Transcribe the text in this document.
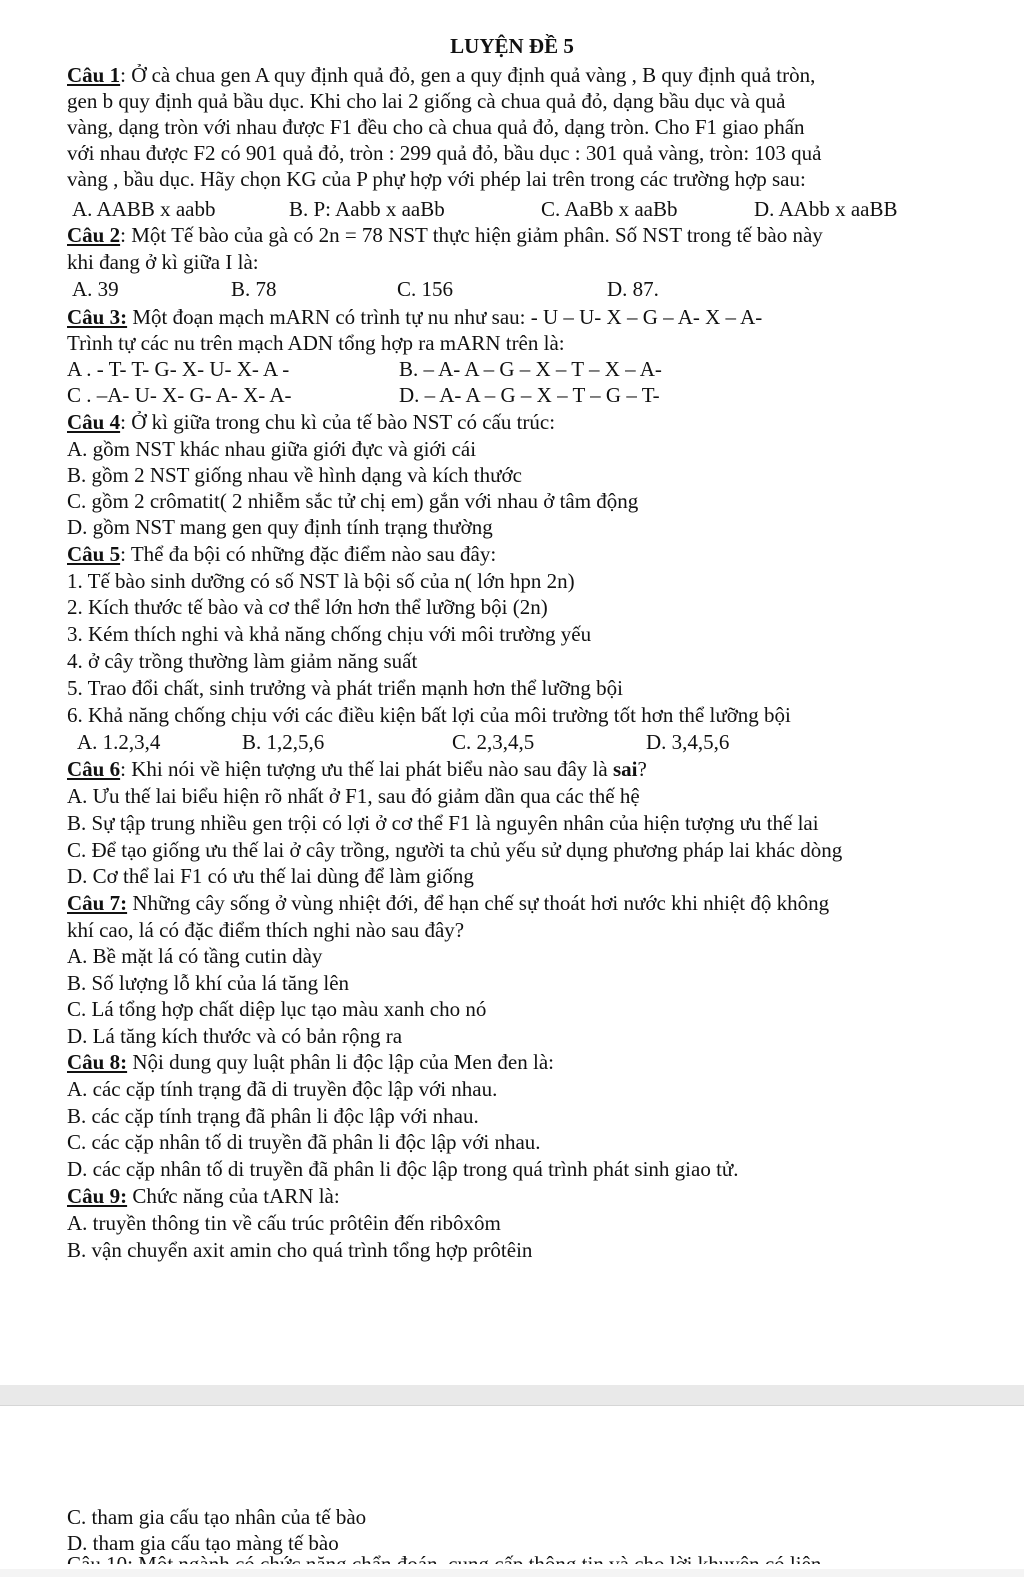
LUYỆN ĐỀ 5
Câu 1: Ở cà chua gen A quy định quả đỏ, gen a quy định quả vàng , B quy định quả tròn,
gen b quy định quả bầu dục. Khi cho lai 2 giống cà chua quả đỏ, dạng bầu dục và quả
vàng, dạng tròn với nhau được F1 đều cho cà chua quả đỏ, dạng tròn. Cho F1 giao phấn
với nhau được F2 có 901 quả đỏ, tròn : 299 quả đỏ, bầu dục : 301 quả vàng, tròn: 103 quả
vàng , bầu dục. Hãy chọn KG của P phự hợp với phép lai trên trong các trường hợp sau:
A. AABB x aabb	B. P: Aabb x aaBb	C. AaBb x aaBb	D. AAbb x aaBB
Câu 2: Một Tế bào của gà có 2n = 78 NST thực hiện giảm phân. Số NST trong tế bào này
khi đang ở kì giữa I là:
A. 39	B. 78	C. 156	D. 87.
Câu 3: Một đoạn mạch mARN có trình tự nu như sau: - U – U- X – G – A- X – A-
Trình tự các nu trên mạch ADN tổng hợp ra mARN trên là:
A . - T- T- G- X- U- X- A -	B. – A- A – G – X – T – X – A-
C . –A- U- X- G- A- X- A-	D. – A- A – G – X – T – G – T-
Câu 4: Ở kì giữa trong chu kì của tế bào NST có cấu trúc:
A. gồm NST khác nhau giữa giới đực và giới cái
B. gồm 2 NST giống nhau về hình dạng và kích thước
C. gồm 2 crômatit( 2 nhiễm sắc tử chị em) gắn với nhau ở tâm động
D. gồm NST mang gen quy định tính trạng thường
Câu 5: Thể đa bội có những đặc điểm nào sau đây:
1. Tế bào sinh dưỡng có số NST là bội số của n( lớn hpn 2n)
2. Kích thước tế bào và cơ thể lớn hơn thể lưỡng bội (2n)
3. Kém thích nghi và khả năng chống chịu với môi trường yếu
4. ở cây trồng thường làm giảm năng suất
5. Trao đổi chất, sinh trưởng và phát triển mạnh hơn thể lưỡng bội
6. Khả năng chống chịu với các điều kiện bất lợi của môi trường tốt hơn thể lưỡng bội
A. 1.2,3,4	B. 1,2,5,6	C. 2,3,4,5	D. 3,4,5,6
Câu 6: Khi nói về hiện tượng ưu thế lai phát biểu nào sau đây là sai?
A. Ưu thế lai biểu hiện rõ nhất ở F1, sau đó giảm dần qua các thế hệ
B. Sự tập trung nhiều gen trội có lợi ở cơ thể F1 là nguyên nhân của hiện tượng ưu thế lai
C. Để tạo giống ưu thế lai ở cây trồng, người ta chủ yếu sử dụng phương pháp lai khác dòng
D. Cơ thể lai F1 có ưu thế lai dùng để làm giống
Câu 7: Những cây sống ở vùng nhiệt đới, để hạn chế sự thoát hơi nước khi nhiệt độ không
khí cao, lá có đặc điểm thích nghi nào sau đây?
A. Bề mặt lá có tầng cutin dày
B. Số lượng lỗ khí của lá tăng lên
C. Lá tổng hợp chất diệp lục tạo màu xanh cho nó
D. Lá tăng kích thước và có bản rộng ra
Câu 8: Nội dung quy luật phân li độc lập của Men đen là:
A. các cặp tính trạng đã di truyền độc lập với nhau.
B. các cặp tính trạng đã phân li độc lập với nhau.
C. các cặp nhân tố di truyền đã phân li độc lập với nhau.
D. các cặp nhân tố di truyền đã phân li độc lập trong quá trình phát sinh giao tử.
Câu 9: Chức năng của tARN là:
A. truyền thông tin về cấu trúc prôtêin đến ribôxôm
B. vận chuyển axit amin cho quá trình tổng hợp prôtêin
C. tham gia cấu tạo nhân của tế bào
D. tham gia cấu tạo màng tế bào
